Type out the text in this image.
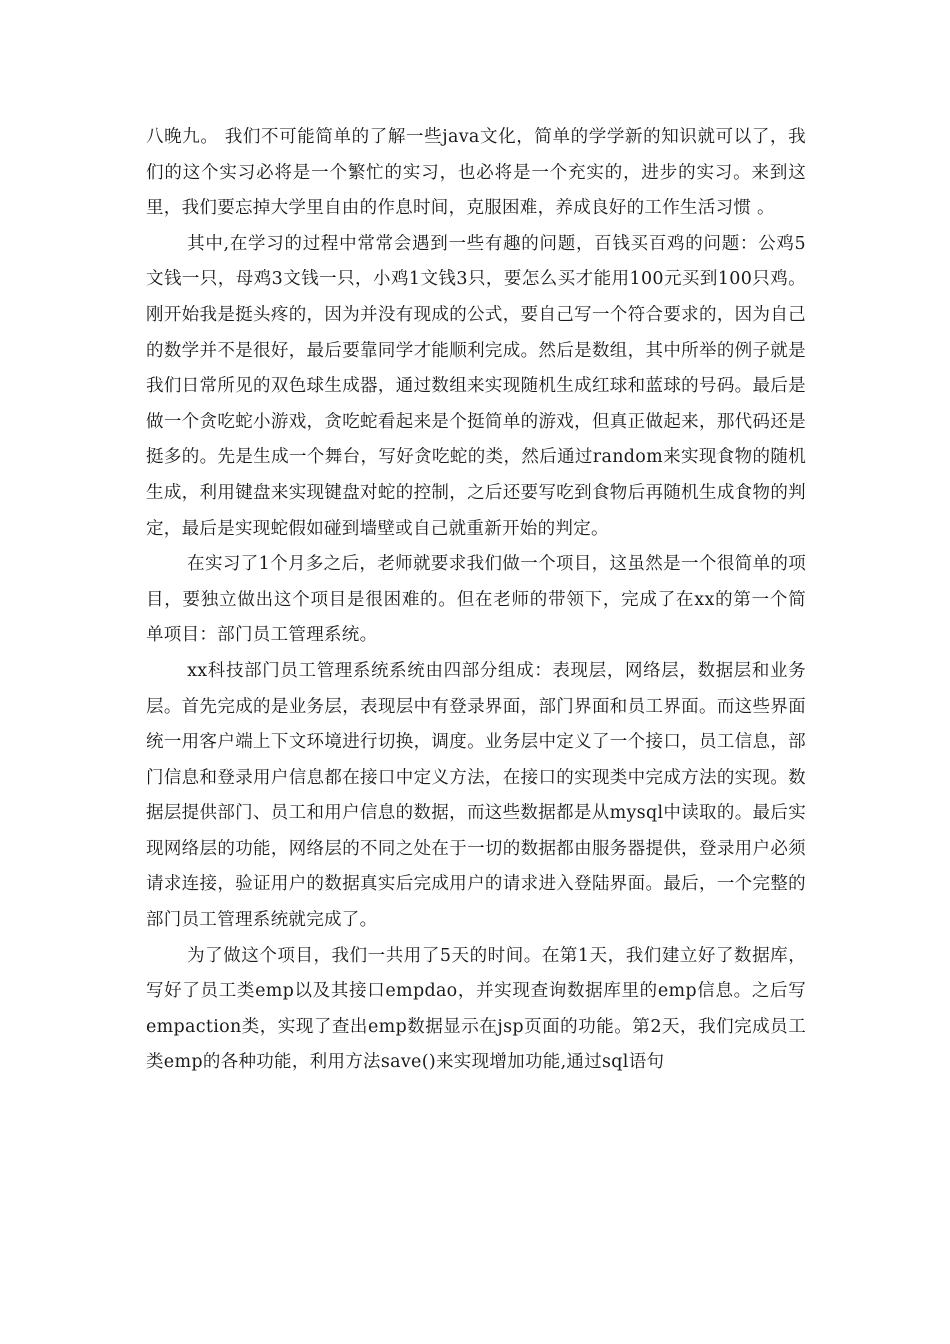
八晚九。 我们不可能简单的了解一些java文化，简单的学学新的知识就可以了，我们的这个实习必将是一个繁忙的实习，也必将是一个充实的，进步的实习。来到这里，我们要忘掉大学里自由的作息时间，克服困难，养成良好的工作生活习惯 。

其中,在学习的过程中常常会遇到一些有趣的问题，百钱买百鸡的问题：公鸡5文钱一只，母鸡3文钱一只，小鸡1文钱3只，要怎么买才能用100元买到100只鸡。刚开始我是挺头疼的，因为并没有现成的公式，要自己写一个符合要求的，因为自己的数学并不是很好，最后要靠同学才能顺利完成。然后是数组，其中所举的例子就是我们日常所见的双色球生成器，通过数组来实现随机生成红球和蓝球的号码。最后是做一个贪吃蛇小游戏，贪吃蛇看起来是个挺简单的游戏，但真正做起来，那代码还是挺多的。先是生成一个舞台，写好贪吃蛇的类，然后通过random来实现食物的随机生成，利用键盘来实现键盘对蛇的控制，之后还要写吃到食物后再随机生成食物的判定，最后是实现蛇假如碰到墙壁或自己就重新开始的判定。

在实习了1个月多之后，老师就要求我们做一个项目，这虽然是一个很简单的项目，要独立做出这个项目是很困难的。但在老师的带领下，完成了在xx的第一个简单项目：部门员工管理系统。

xx科技部门员工管理系统系统由四部分组成：表现层，网络层，数据层和业务层。首先完成的是业务层，表现层中有登录界面，部门界面和员工界面。而这些界面统一用客户端上下文环境进行切换，调度。业务层中定义了一个接口，员工信息，部门信息和登录用户信息都在接口中定义方法，在接口的实现类中完成方法的实现。数据层提供部门、员工和用户信息的数据，而这些数据都是从mysql中读取的。最后实现网络层的功能，网络层的不同之处在于一切的数据都由服务器提供，登录用户必须请求连接，验证用户的数据真实后完成用户的请求进入登陆界面。最后，一个完整的部门员工管理系统就完成了。

为了做这个项目，我们一共用了5天的时间。在第1天，我们建立好了数据库，写好了员工类emp以及其接口empdao，并实现查询数据库里的emp信息。之后写empaction类，实现了查出emp数据显示在jsp页面的功能。第2天，我们完成员工类emp的各种功能，利用方法save()来实现增加功能,通过sql语句
